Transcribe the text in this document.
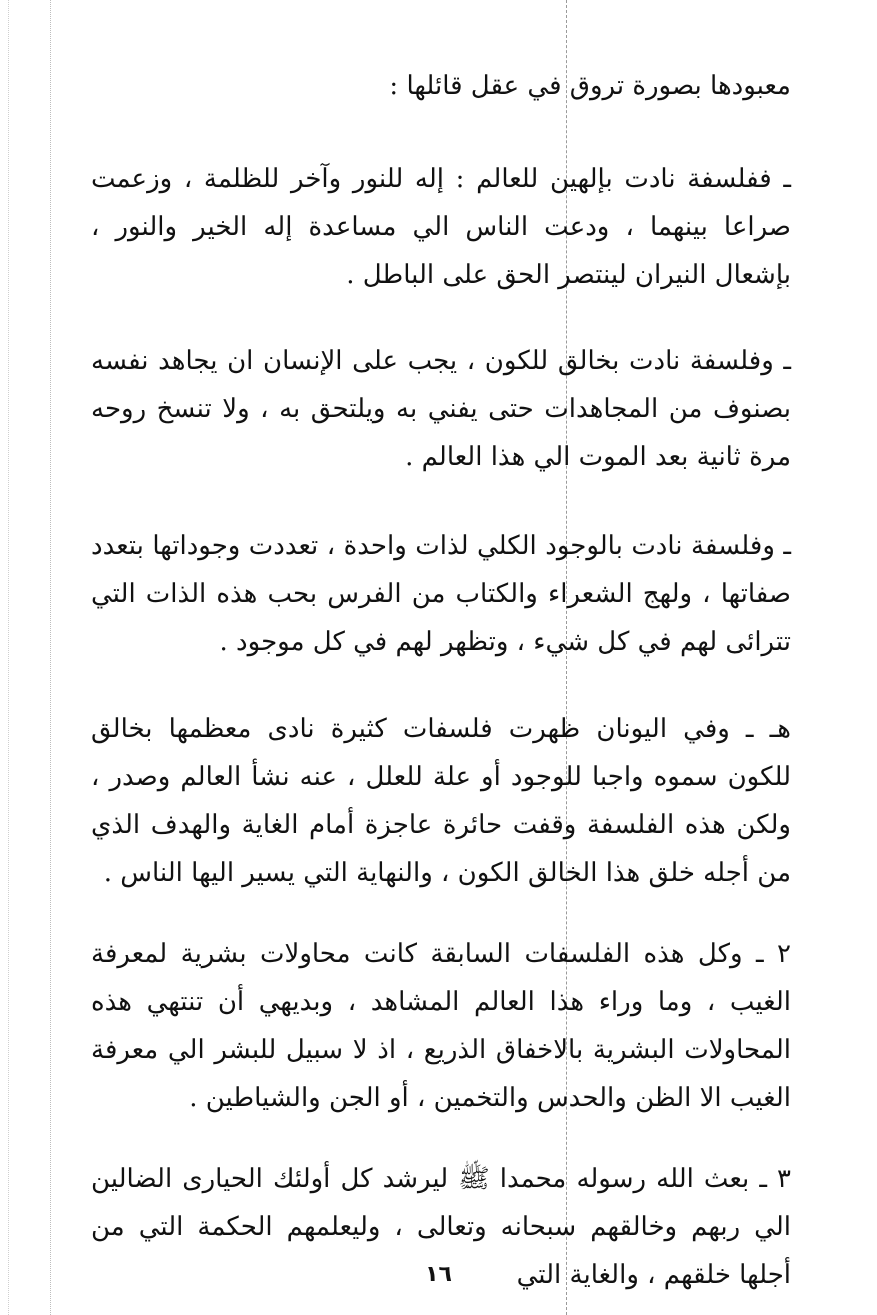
معبودها بصورة تروق في عقل قائلها :

ـ ففلسفة نادت بإلهين للعالم : إله للنور وآخر للظلمة ، وزعمت صراعا بينهما ، ودعت الناس الي مساعدة إله الخير والنور ، بإشعال النيران لينتصر الحق على الباطل .

ـ وفلسفة نادت بخالق للكون ، يجب على الإنسان ان يجاهد نفسه بصنوف من المجاهدات حتى يفني به ويلتحق به ، ولا تنسخ روحه مرة ثانية بعد الموت الي هذا العالم .

ـ وفلسفة نادت بالوجود الكلي لذات واحدة ، تعددت وجوداتها بتعدد صفاتها ، ولهج الشعراء والكتاب من الفرس بحب هذه الذات التي تترائى لهم في كل شيء ، وتظهر لهم في كل موجود .

هـ ـ وفي اليونان ظهرت فلسفات كثيرة نادى معظمها بخالق للكون سموه واجبا للوجود أو علة للعلل ، عنه نشأ العالم وصدر ، ولكن هذه الفلسفة وقفت حائرة عاجزة أمام الغاية والهدف الذي من أجله خلق هذا الخالق الكون ، والنهاية التي يسير اليها الناس .

٢ ـ وكل هذه الفلسفات السابقة كانت محاولات بشرية لمعرفة الغيب ، وما وراء هذا العالم المشاهد ، وبديهي أن تنتهي هذه المحاولات البشرية بالاخفاق الذريع ، اذ لا سبيل للبشر الي معرفة الغيب الا الظن والحدس والتخمين ، أو الجن والشياطين .

٣ ـ بعث الله رسوله محمدا ﷺ ليرشد كل أولئك الحيارى الضالين الي ربهم وخالقهم سبحانه وتعالى ، وليعلمهم الحكمة التي من أجلها خلقهم ، والغاية التي

١٦
